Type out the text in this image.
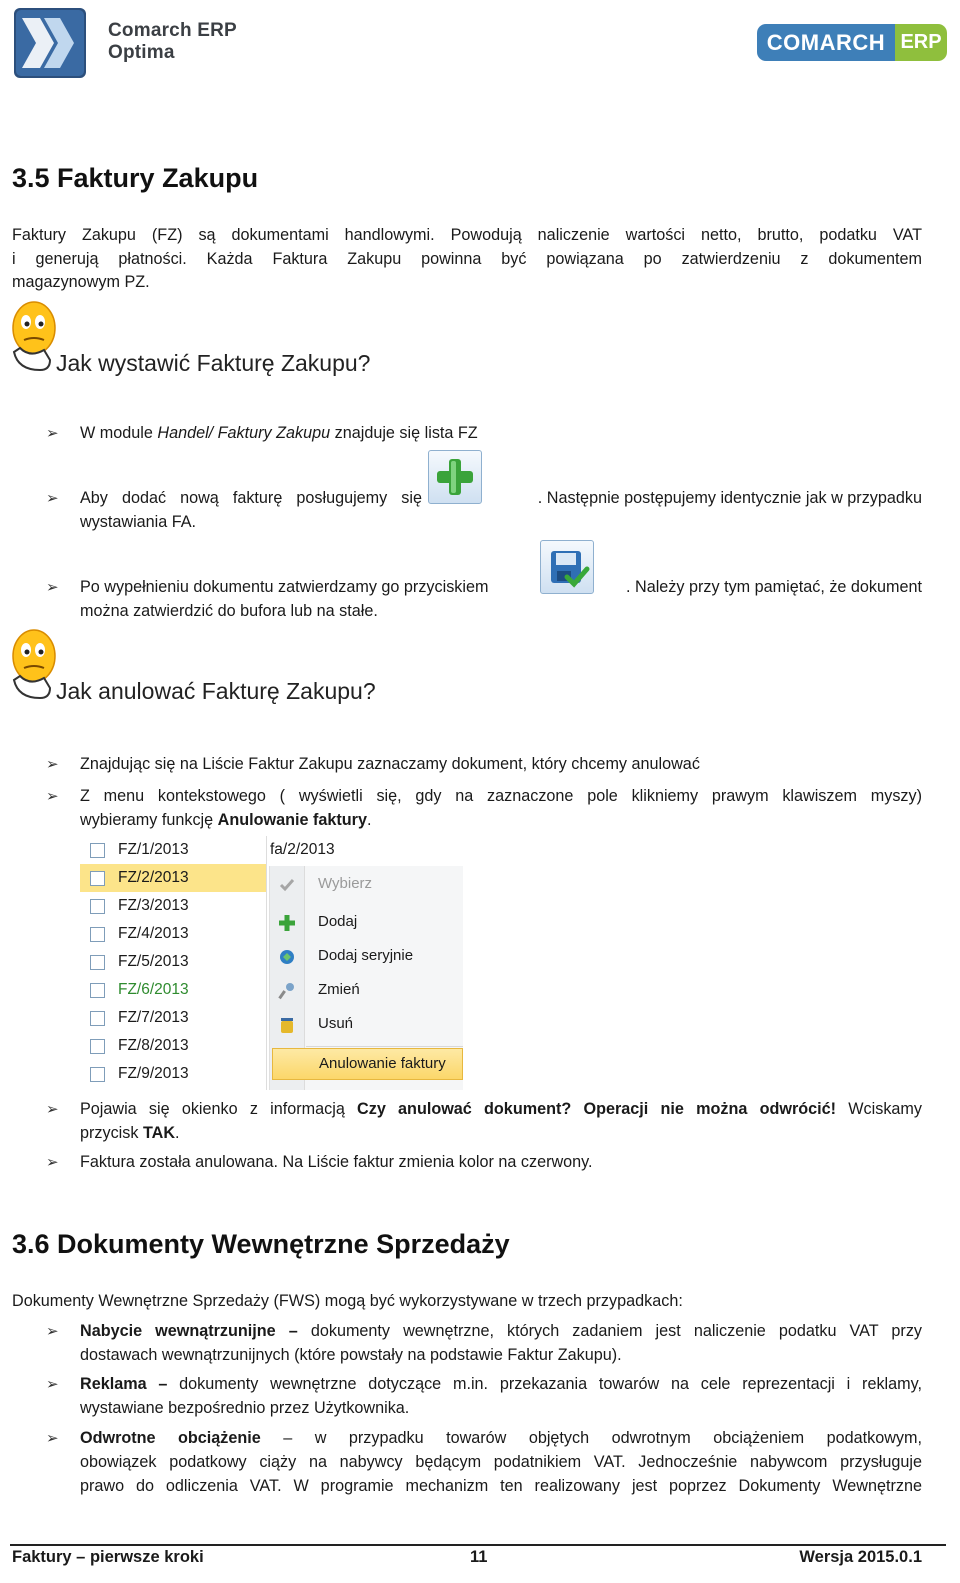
Comarch ERP
Optima	COMARCH ERP
3.5 Faktury Zakupu
Faktury Zakupu (FZ) są dokumentami handlowymi. Powodują naliczenie wartości netto, brutto, podatku VAT
i generują płatności. Każda Faktura Zakupu powinna być powiązana po zatwierdzeniu z dokumentem
magazynowym PZ.
Jak wystawić Fakturę Zakupu?
➢ W module Handel/ Faktury Zakupu znajduje się lista FZ
➢ Aby dodać nową fakturę posługujemy się	. Następnie postępujemy identycznie jak w przypadku
wystawiania FA.
➢ Po wypełnieniu dokumentu zatwierdzamy go przyciskiem	. Należy przy tym pamiętać, że dokument
można zatwierdzić do bufora lub na stałe.
Jak anulować Fakturę Zakupu?
➢ Znajdując się na Liście Faktur Zakupu zaznaczamy dokument, który chcemy anulować
➢ Z menu kontekstowego ( wyświetli się, gdy na zaznaczone pole klikniemy prawym klawiszem myszy)
wybieramy funkcję Anulowanie faktury.
FZ/1/2013
FZ/2/2013
FZ/3/2013
FZ/4/2013
FZ/5/2013
FZ/6/2013
FZ/7/2013
FZ/8/2013
FZ/9/2013
fa/2/2013
Wybierz
Dodaj
Dodaj seryjnie
Zmień
Usuń
Anulowanie faktury
➢ Pojawia się okienko z informacją Czy anulować dokument? Operacji nie można odwrócić! Wciskamy
przycisk TAK.
➢ Faktura została anulowana. Na Liście faktur zmienia kolor na czerwony.
3.6 Dokumenty Wewnętrzne Sprzedaży
Dokumenty Wewnętrzne Sprzedaży (FWS) mogą być wykorzystywane w trzech przypadkach:
➢ Nabycie wewnątrzunijne – dokumenty wewnętrzne, których zadaniem jest naliczenie podatku VAT przy
dostawach wewnątrzunijnych (które powstały na podstawie Faktur Zakupu).
➢ Reklama – dokumenty wewnętrzne dotyczące m.in. przekazania towarów na cele reprezentacji i reklamy,
wystawiane bezpośrednio przez Użytkownika.
➢ Odwrotne obciążenie – w przypadku towarów objętych odwrotnym obciążeniem podatkowym,
obowiązek podatkowy ciąży na nabywcy będącym podatnikiem VAT. Jednocześnie nabywcom przysługuje
prawo do odliczenia VAT. W programie mechanizm ten realizowany jest poprzez Dokumenty Wewnętrzne
Faktury – pierwsze kroki	11	Wersja 2015.0.1
